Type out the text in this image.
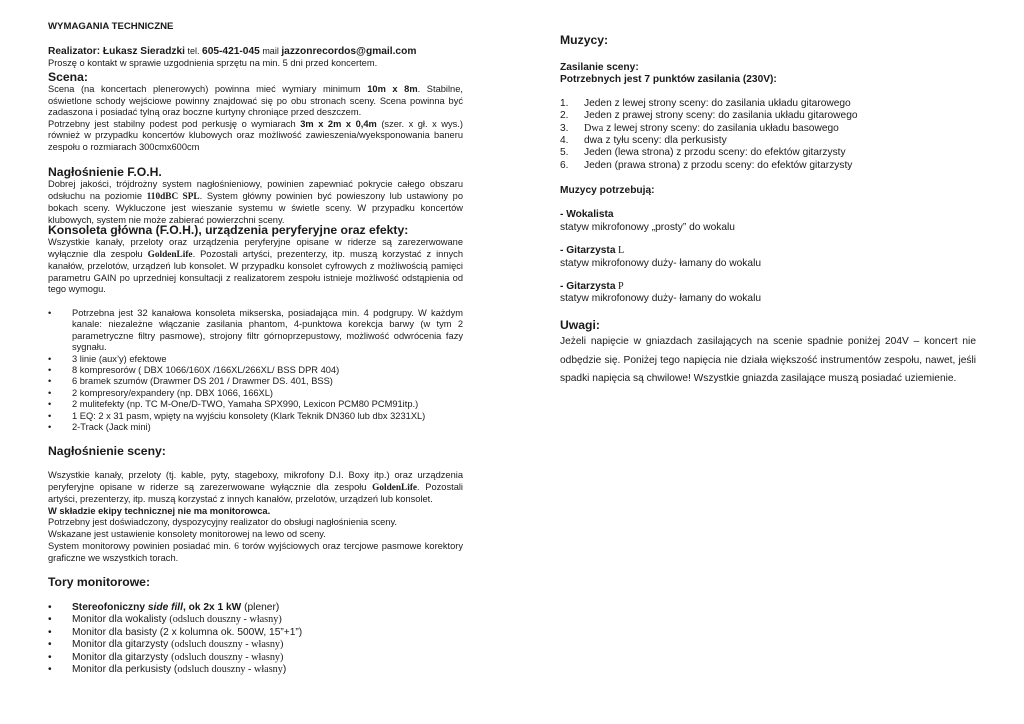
WYMAGANIA TECHNICZNE

Realizator: Łukasz Sieradzki tel. 605-421-045 mail jazzonrecordos@gmail.com

Proszę o kontakt w sprawie uzgodnienia sprzętu na min. 5 dni przed koncertem.

Scena:

Scena (na koncertach plenerowych) powinna mieć wymiary minimum 10m x 8m. Stabilne, oświetlone schody wejściowe powinny znajdować się po obu stronach sceny. Scena powinna być zadaszona i posiadać tylną oraz boczne kurtyny chroniące przed deszczem.

Potrzebny jest stabilny podest pod perkusję o wymiarach 3m x 2m x 0,4m (szer. x gł. x wys.) również w przypadku koncertów klubowych oraz możliwość zawieszenia/wyeksponowania baneru zespołu o rozmiarach 300cmx600cm

Nagłośnienie F.O.H.

Dobrej jakości, trójdrożny system nagłośnieniowy, powinien zapewniać pokrycie całego obszaru odsłuchu na poziomie 110dBC SPL. System główny powinien być powieszony lub ustawiony po bokach sceny. Wykluczone jest wieszanie systemu w świetle sceny. W przypadku koncertów klubowych, system nie może zabierać powierzchni sceny.

Konsoleta główna (F.O.H.), urządzenia peryferyjne oraz efekty:

Wszystkie kanały, przeloty oraz urządzenia peryferyjne opisane w riderze są zarezerwowane wyłącznie dla zespołu GoldenLife. Pozostali artyści, prezenterzy, itp. muszą korzystać z innych kanałów, przelotów, urządzeń lub konsolet. W przypadku konsolet cyfrowych z możliwością pamięci parametru GAIN po uprzedniej konsultacji z realizatorem zespołu istnieje możliwość odstąpienia od tego wymogu.

• Potrzebna jest 32 kanałowa konsoleta mikserska, posiadająca min. 4 podgrupy. W każdym kanale: niezależne włączanie zasilania phantom, 4-punktowa korekcja barwy (w tym 2 parametryczne filtry pasmowe), strojony filtr górnoprzepustowy, możliwość odwrócenia fazy sygnału.
• 3 linie (aux’y) efektowe
• 8 kompresorów ( DBX 1066/160X /166XL/266XL/ BSS DPR 404)
• 6 bramek szumów (Drawmer DS 201 / Drawmer DS. 401, BSS)
• 2 kompresory/expandery (np. DBX 1066, 166XL)
• 2 mulitefekty (np. TC M-One/D-TWO, Yamaha SPX990, Lexicon PCM80 PCM91itp.)
• 1 EQ: 2 x 31 pasm, wpięty na wyjściu konsolety (Klark Teknik DN360 lub dbx 3231XL)
• 2-Track (Jack mini)

Nagłośnienie sceny:

Wszystkie kanały, przeloty (tj. kable, pyty, stageboxy, mikrofony D.I. Boxy itp.) oraz urządzenia peryferyjne opisane w riderze są zarezerwowane wyłącznie dla zespołu GoldenLife. Pozostali artyści, prezenterzy, itp. muszą korzystać z innych kanałów, przelotów, urządzeń lub konsolet.

W składzie ekipy technicznej nie ma monitorowca.

Potrzebny jest doświadczony, dyspozycyjny realizator do obsługi nagłośnienia sceny.

Wskazane jest ustawienie konsolety monitorowej na lewo od sceny.

System monitorowy powinien posiadać min. 6 torów wyjściowych oraz tercjowe pasmowe korektory graficzne we wszystkich torach.

Tory monitorowe:

• Stereofoniczny side fill, ok 2x 1 kW (plener)
• Monitor dla wokalisty (odsluch douszny - własny)
• Monitor dla basisty (2 x kolumna ok. 500W, 15”+1”)
• Monitor dla gitarzysty (odsluch douszny - własny)
• Monitor dla gitarzysty (odsluch douszny - własny)
• Monitor dla perkusisty (odsluch douszny - własny)

Muzycy:

Zasilanie sceny:

Potrzebnych jest 7 punktów zasilania (230V):

1. Jeden z lewej strony sceny: do zasilania układu gitarowego
2. Jeden z prawej strony sceny: do zasilania układu gitarowego
3. Dwa z lewej strony sceny: do zasilania układu basowego
4. dwa z tyłu sceny: dla perkusisty
5. Jeden (lewa strona) z przodu sceny: do efektów gitarzysty
6. Jeden (prawa strona) z przodu sceny: do efektów gitarzysty

Muzycy potrzebują:

- Wokalista

statyw mikrofonowy „prosty” do wokalu

- Gitarzysta L

statyw mikrofonowy duży- łamany do wokalu

- Gitarzysta P

statyw mikrofonowy duży- łamany do wokalu

Uwagi:

Jeżeli napięcie w gniazdach zasilających na scenie spadnie poniżej 204V – koncert nie odbędzie się. Poniżej tego napięcia nie działa większość instrumentów zespołu, nawet, jeśli spadki napięcia są chwilowe! Wszystkie gniazda zasilające muszą posiadać uziemienie.
